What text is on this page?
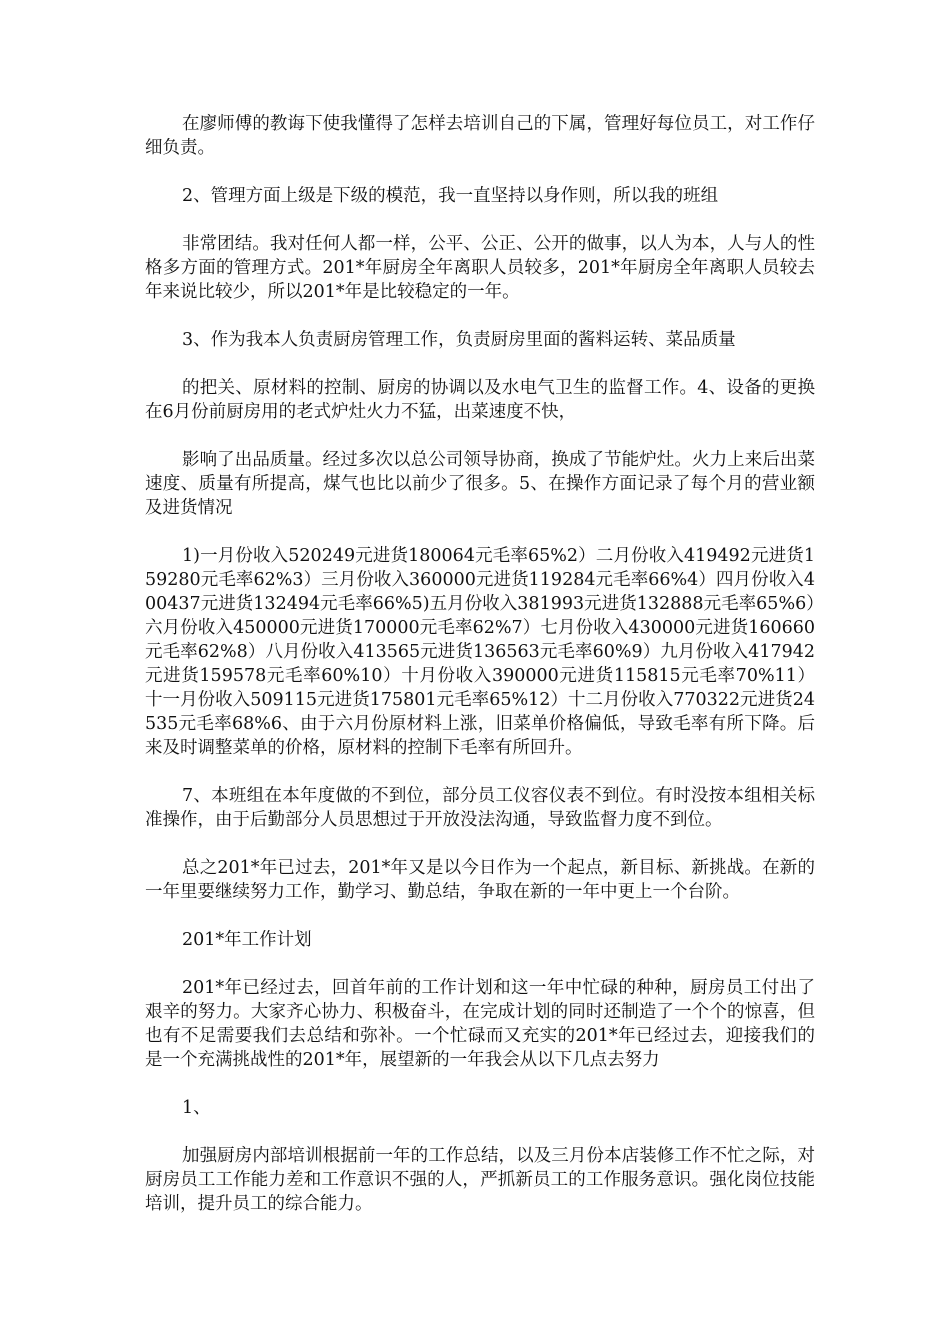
在廖师傅的教诲下使我懂得了怎样去培训自己的下属，管理好每位员工，对工作仔细负责。

2、管理方面上级是下级的模范，我一直坚持以身作则，所以我的班组

非常团结。我对任何人都一样，公平、公正、公开的做事，以人为本，人与人的性格多方面的管理方式。201*年厨房全年离职人员较多，201*年厨房全年离职人员较去年来说比较少，所以201*年是比较稳定的一年。

3、作为我本人负责厨房管理工作，负责厨房里面的酱料运转、菜品质量

的把关、原材料的控制、厨房的协调以及水电气卫生的监督工作。4、设备的更换在6月份前厨房用的老式炉灶火力不猛，出菜速度不快，

影响了出品质量。经过多次以总公司领导协商，换成了节能炉灶。火力上来后出菜速度、质量有所提高，煤气也比以前少了很多。5、在操作方面记录了每个月的营业额及进货情况

1)一月份收入520249元进货180064元毛率65%2）二月份收入419492元进货159280元毛率62%3）三月份收入360000元进货119284元毛率66%4）四月份收入400437元进货132494元毛率66%5)五月份收入381993元进货132888元毛率65%6）六月份收入450000元进货170000元毛率62%7）七月份收入430000元进货160660元毛率62%8）八月份收入413565元进货136563元毛率60%9）九月份收入417942元进货159578元毛率60%10）十月份收入390000元进货115815元毛率70%11）十一月份收入509115元进货175801元毛率65%12）十二月份收入770322元进货24535元毛率68%6、由于六月份原材料上涨，旧菜单价格偏低，导致毛率有所下降。后来及时调整菜单的价格，原材料的控制下毛率有所回升。

7、本班组在本年度做的不到位，部分员工仪容仪表不到位。有时没按本组相关标准操作，由于后勤部分人员思想过于开放没法沟通，导致监督力度不到位。

总之201*年已过去，201*年又是以今日作为一个起点，新目标、新挑战。在新的一年里要继续努力工作，勤学习、勤总结，争取在新的一年中更上一个台阶。

201*年工作计划

201*年已经过去，回首年前的工作计划和这一年中忙碌的种种，厨房员工付出了艰辛的努力。大家齐心协力、积极奋斗，在完成计划的同时还制造了一个个的惊喜，但也有不足需要我们去总结和弥补。一个忙碌而又充实的201*年已经过去，迎接我们的是一个充满挑战性的201*年，展望新的一年我会从以下几点去努力

1、

加强厨房内部培训根据前一年的工作总结，以及三月份本店装修工作不忙之际，对厨房员工工作能力差和工作意识不强的人，严抓新员工的工作服务意识。强化岗位技能培训，提升员工的综合能力。
